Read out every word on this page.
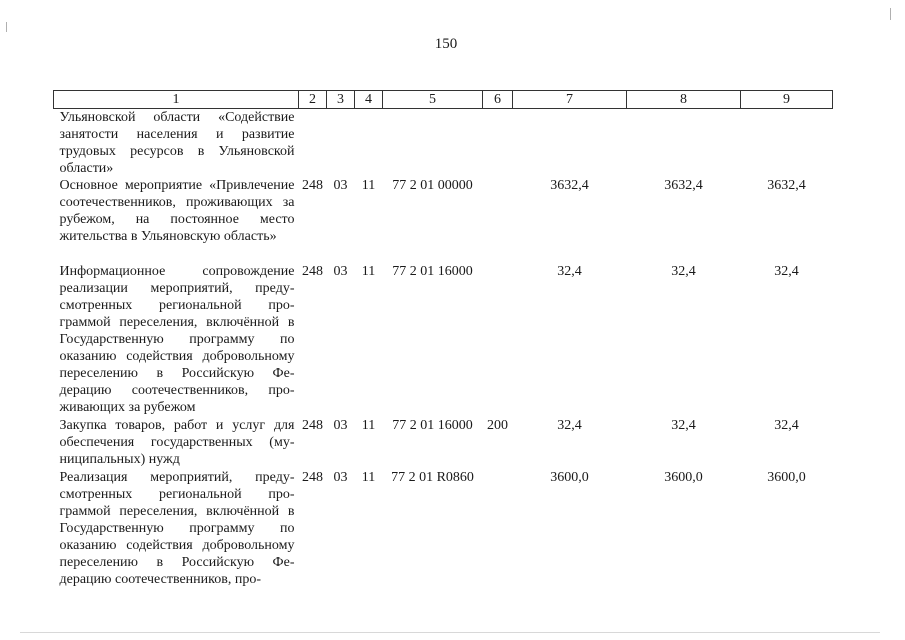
150
1	2	3	4	5	6	7	8	9
Ульяновской области «Содействие занятости населения и развитие трудовых ресурсов в Ульяновской области»								
Основное мероприятие «Привлечение соотечественников, проживающих за рубежом, на постоянное место жительства в Ульяновскую область»	248	03	11	77 2 01 00000		3632,4	3632,4	3632,4
Информационное сопровождение реализации мероприятий, предусмотренных региональной программой переселения, включённой в Государственную программу по оказанию содействия добровольному переселению в Российскую Федерацию соотечественников, проживающих за рубежом	248	03	11	77 2 01 16000		32,4	32,4	32,4
Закупка товаров, работ и услуг для обеспечения государственных (муниципальных) нужд	248	03	11	77 2 01 16000	200	32,4	32,4	32,4
Реализация мероприятий, предусмотренных региональной программой переселения, включённой в Государственную программу по оказанию содействия добровольному переселению в Российскую Федерацию соотечественников, про-	248	03	11	77 2 01 R0860		3600,0	3600,0	3600,0
